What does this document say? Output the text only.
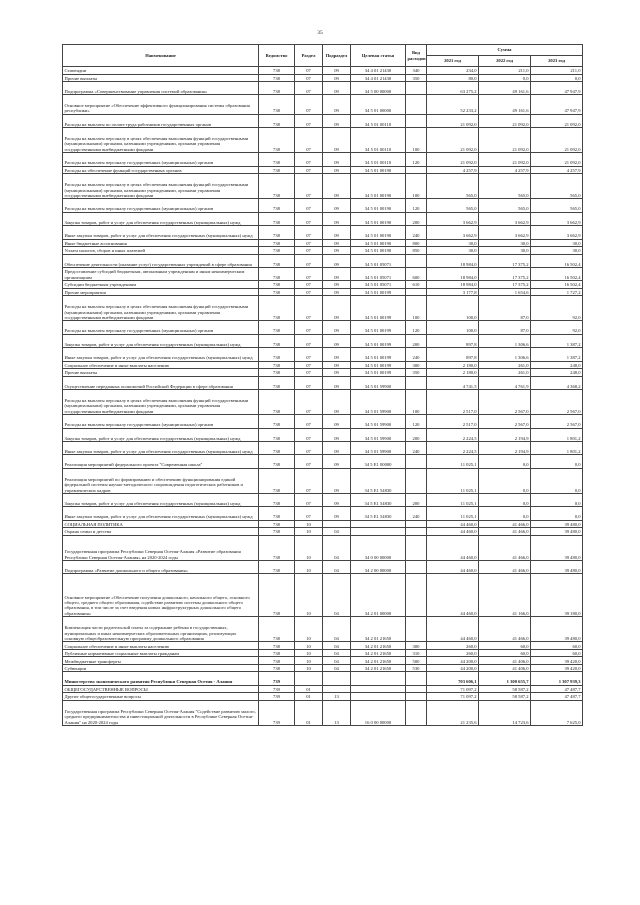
35
Наименование	Ведомство	Раздел	Подраздел	Целевая статья	Вид расходов	Сумма		
						2021 год	2022 год	2023 год
Стипендии	738	07	09	34 4 01 21430	340	234,0	211,0	211,0
Прочие выплаты	738	07	09	34 4 01 21430	350	80,0	0,0	0,0
Подпрограмма «Совершенствование управления системой образования»	738	07	09	34 5 00 00000		63 275,2	49 161,6	47 947,9
Основное мероприятие «Обеспечение эффективного функционирования системы образования республики»	738	07	09	34 5 01 00000		52 233,2	49 161,6	47 947,9
Расходы на выплаты по оплате труда работников государственных органов	738	07	09	34 5 01 00110		21 092,0	21 092,0	21 092,0
Расходы на выплаты персоналу в целях обеспечения выполнения функций государственными (муниципальными) органами, казенными учреждениями, органами управления государственными внебюджетными фондами	738	07	09	34 5 01 00110	100	21 092,0	21 092,0	21 092,0
Расходы на выплаты персоналу государственных (муниципальных) органов	738	07	09	34 5 01 00110	120	21 092,0	21 092,0	21 092,0
Расходы на обеспечение функций государственных органов	738	07	09	34 5 01 00190		4 257,9	4 257,9	4 257,9
Расходы на выплаты персоналу в целях обеспечения выполнения функций государственными (муниципальными) органами, казенными учреждениями, органами управления государственными внебюджетными фондами	738	07	09	34 5 01 00190	100	565,0	565,0	565,0
Расходы на выплаты персоналу государственных (муниципальных) органов	738	07	09	34 5 01 00190	120	565,0	565,0	565,0
Закупка товаров, работ и услуг для обеспечения государственных (муниципальных) нужд	738	07	09	34 5 01 00190	200	3 662,9	3 662,9	3 662,9
Иные закупки товаров, работ и услуг для обеспечения государственных (муниципальных) нужд	738	07	09	34 5 01 00190	240	3 662,9	3 662,9	3 662,9
Иные бюджетные ассигнования	738	07	09	34 5 01 00190	800	30,0	30,0	30,0
Уплата налогов, сборов и иных платежей	738	07	09	34 5 01 00190	850	30,0	30,0	30,0
Обеспечение деятельности (оказание услуг) государственных учреждений в сфере образования	738	07	09	34 5 01 05071		18 984,0	17 375,2	16 502,4
Предоставление субсидий бюджетным, автономным учреждениям и иным некоммерческим организациям	738	07	09	34 5 01 05071	600	18 984,0	17 375,2	16 502,4
Субсидии бюджетным учреждениям	738	07	09	34 5 01 05071	610	18 984,0	17 375,2	16 502,4
Прочие мероприятия	738	07	09	34 5 01 00199		3 177,8	1 654,6	1 727,2
Расходы на выплаты персоналу в целях обеспечения выполнения функций государственными (муниципальными) органами, казенными учреждениями, органами управления государственными внебюджетными фондами	738	07	09	34 5 01 00199	100	100,0	87,0	92,0
Расходы на выплаты персоналу государственных (муниципальных) органов	738	07	09	34 5 01 00199	120	100,0	87,0	92,0
Закупка товаров, работ и услуг для обеспечения государственных (муниципальных) нужд	738	07	09	34 5 01 00199	200	897,8	1 306,6	1 387,2
Иные закупки товаров, работ и услуг для обеспечения государственных (муниципальных) нужд	738	07	09	34 5 01 00199	240	897,8	1 306,6	1 387,2
Социальное обеспечение и иные выплаты населению	738	07	09	34 5 01 00199	300	2 180,0	261,0	248,0
Прочие выплаты	738	07	09	34 5 01 00199	350	2 180,0	261,0	248,0
Осуществление переданных полномочий Российской Федерации в сфере образования	738	07	09	34 5 01 59900		4 741,5	4 761,9	4 368,2
Расходы на выплаты персоналу в целях обеспечения выполнения функций государственными (муниципальными) органами, казенными учреждениями, органами управления государственными внебюджетными фондами	738	07	09	34 5 01 59900	100	2 517,0	2 567,0	2 567,0
Расходы на выплаты персоналу государственных (муниципальных) органов	738	07	09	34 5 01 59900	120	2 517,0	2 567,0	2 567,0
Закупка товаров, работ и услуг для обеспечения государственных (муниципальных) нужд	738	07	09	34 5 01 59900	200	2 224,5	2 194,9	1 801,2
Иные закупки товаров, работ и услуг для обеспечения государственных (муниципальных) нужд	738	07	09	34 5 01 59900	240	2 224,5	2 194,9	1 801,2
Реализация мероприятий федерального проекта "Современная школа"	738	07	09	34 5 E1 00000		11 025,1	0,0	0,0
Реализация мероприятий по формированию и обеспечению функционирования единой федеральной системы научно-методического сопровождения педагогических работников и управленческих кадров	738	07	09	34 5 E1 54830		11 025,1	0,0	0,0
Закупка товаров, работ и услуг для обеспечения государственных (муниципальных) нужд	738	07	09	34 5 E1 54830	200	11 025,1	0,0	0,0
Иные закупки товаров, работ и услуг для обеспечения государственных (муниципальных) нужд	738	07	09	34 5 E1 54830	240	11 025,1	0,0	0,0
СОЦИАЛЬНАЯ ПОЛИТИКА	738	10				44 460,0	41 466,0	39 480,0
Охрана семьи и детства	738	10	04			44 460,0	41 466,0	39 480,0
Государственная программа Республики Северная Осетия-Алания «Развитие образования Республики Северная Осетия-Алания» на 2020-2024 годы	738	10	04	34 0 00 00000		44 460,0	41 466,0	39 480,0
Подпрограмма «Развитие дошкольного и общего образования»	738	10	04	34 2 00 00000		44 460,0	41 466,0	39 480,0
Основное мероприятие «Обеспечение получения дошкольного, начального общего, основного общего, среднего общего образования, содействие развитию системы дошкольного общего образования, в том числе за счет введения новых инфраструктурных дошкольного общего образования»	738	10	04	34 2 01 00000		44 460,0	41 166,0	39 180,0
Компенсация части родительской платы за содержание ребенка в государственных, муниципальных и иных некоммерческих образовательных организациях, реализующих основную общеобразовательную программу дошкольного образования	738	10	04	34 2 01 21650		44 460,0	41 466,0	39 480,0
Социальное обеспечение и иные выплаты населению	738	10	04	34 2 01 21650	300	260,0	60,0	60,0
Публичные нормативные социальные выплаты гражданам	738	10	04	34 2 01 21650	310	260,0	60,0	60,0
Межбюджетные трансферты	738	10	04	34 2 01 21650	500	44 200,0	41 406,0	39 420,0
Субвенции	738	10	04	34 2 01 21650	530	44 200,0	41 406,0	39 420,0
Министерство экономического развития Республики Северная Осетия - Алания	739					703 606,1	1 300 655,7	1 307 939,3
ОБЩЕГОСУДАРСТВЕННЫЕ ВОПРОСЫ	739	01				71 097,2	58 587,2	47 487,7
Другие общегосударственные вопросы	739	01	13			71 097,2	58 587,2	47 487,7
Государственная программа Республики Северная Осетия-Алания "Содействие развитию малого, среднего предпринимательства и инвестиционной деятельности в Республике Северная Осетия-Алания" на 2020-2024 годы	739	01	13	16 0 00 00000		21 235,6	14 723,6	7 625,0
